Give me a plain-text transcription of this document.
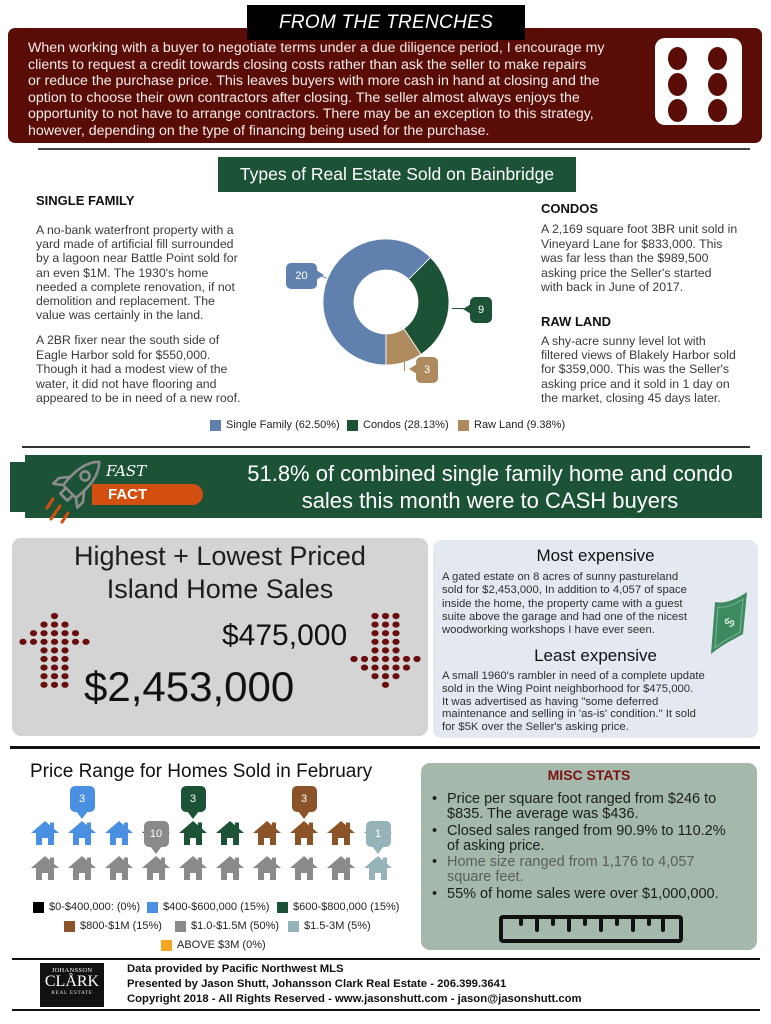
FROM THE TRENCHES
When working with a buyer to negotiate terms under a due diligence period, I encourage my
clients to request a credit towards closing costs rather than ask the seller to make repairs
or reduce the purchase price. This leaves buyers with more cash in hand at closing and the
option to choose their own contractors after closing. The seller almost always enjoys the
opportunity to not have to arrange contractors. There may be an exception to this strategy,
however, depending on the type of financing being used for the purchase.
Types of Real Estate Sold on Bainbridge
SINGLE FAMILY
A no-bank waterfront property with a
yard made of artificial fill surrounded
by a lagoon near Battle Point sold for
an even $1M. The 1930's home
needed a complete renovation, if not
demolition and replacement. The
value was certainly in the land.
A 2BR fixer near the south side of
Eagle Harbor sold for $550,000.
Though it had a modest view of the
water, it did not have flooring and
appeared to be in need of a new roof.
CONDOS
A 2,169 square foot 3BR unit sold in
Vineyard Lane for $833,000. This
was far less than the $989,500
asking price the Seller's started
with back in June of 2017.
RAW LAND
A shy-acre sunny level lot with
filtered views of Blakely Harbor sold
for $359,000. This was the Seller's
asking price and it sold in 1 day on
the market, closing 45 days later.
20
9
3
Single Family (62.50%) Condos (28.13%) Raw Land (9.38%)
FACT
FAST	51.8% of combined single family home and condo
sales this month were to CASH buyers
Highest + Lowest Priced
Island Home Sales
$475,000
$2,453,000
Most expensive
A gated estate on 8 acres of sunny pastureland
sold for $2,453,000, In addition to 4,057 of space
inside the home, the property came with a guest
suite above the garage and had one of the nicest
woodworking workshops I have ever seen.
$
Least expensive
A small 1960's rambler in need of a complete update
sold in the Wing Point neighborhood for $475,000.
It was advertised as having "some deferred
maintenance and selling in 'as-is' condition." It sold
for $5K over the Seller's asking price.
Price Range for Homes Sold in February
3
10
3	3
1
$0-$400,000: (0%) $400-$600,000 (15%) $600-$800,000 (15%)
$800-$1M (15%)	$1.0-$1.5M (50%) $1.5-3M (5%)
ABOVE $3M (0%)
MISC STATS
• Price per square foot ranged from $246 to
$835. The average was $436.
• Closed sales ranged from 90.9% to 110.2%
of asking price.
• Home size ranged from 1,176 to 4,057
square feet.
• 55% of home sales were over $1,000,000.
JOHANSSON
CLÅRK
REAL ESTATE
Data provided by Pacific Northwest MLS
Presented by Jason Shutt, Johansson Clark Real Estate - 206.399.3641
Copyright 2018 - All Rights Reserved - www.jasonshutt.com - jason@jasonshutt.com
